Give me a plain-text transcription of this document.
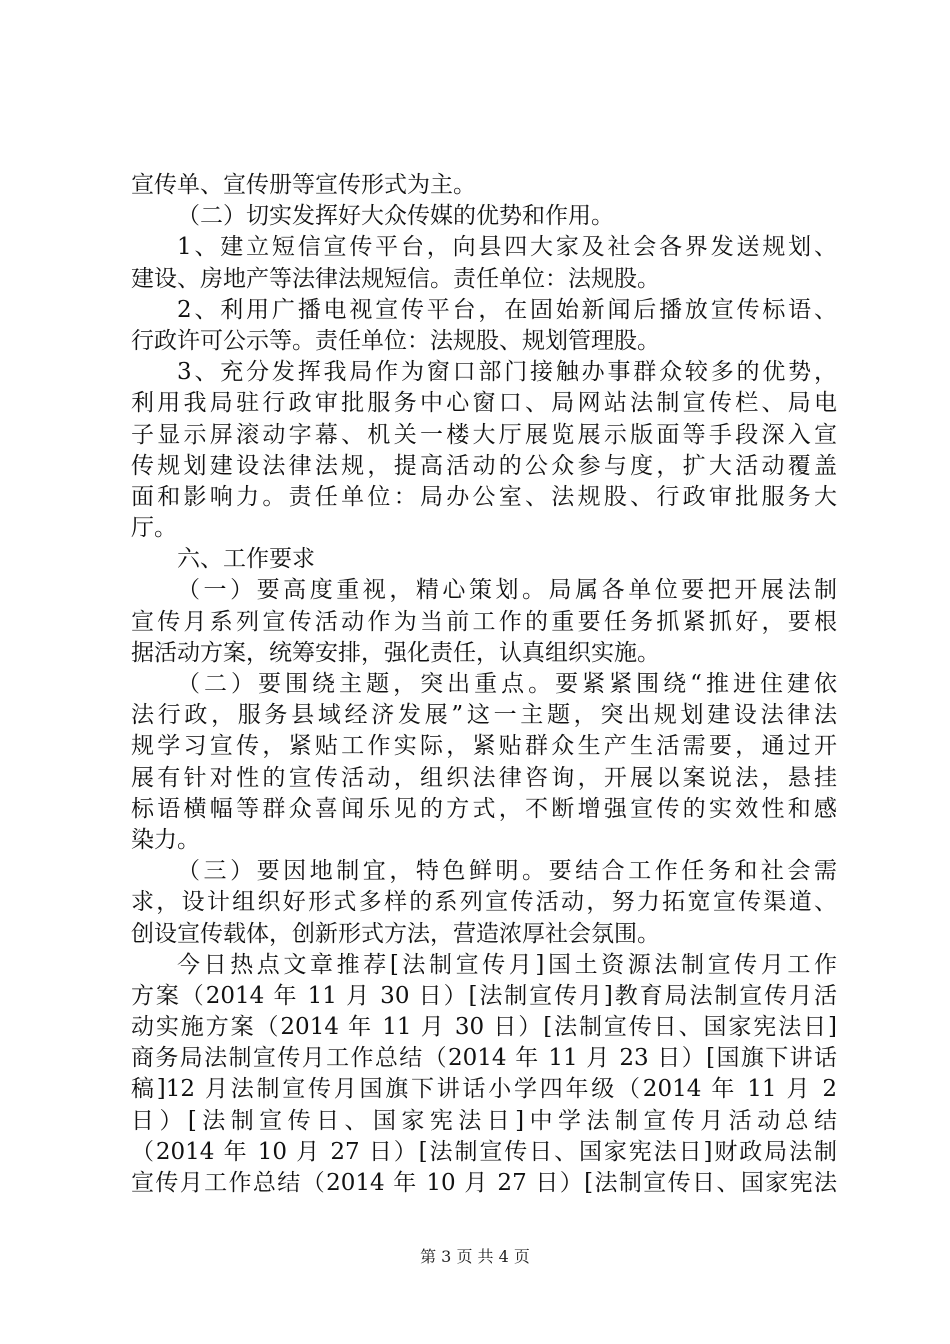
宣传单、宣传册等宣传形式为主。
（二）切实发挥好大众传媒的优势和作用。
1、建立短信宣传平台，向县四大家及社会各界发送规划、
建设、房地产等法律法规短信。责任单位：法规股。
2、利用广播电视宣传平台，在固始新闻后播放宣传标语、
行政许可公示等。责任单位：法规股、规划管理股。
3、充分发挥我局作为窗口部门接触办事群众较多的优势，
利用我局驻行政审批服务中心窗口、局网站法制宣传栏、局电
子显示屏滚动字幕、机关一楼大厅展览展示版面等手段深入宣
传规划建设法律法规，提高活动的公众参与度，扩大活动覆盖
面和影响力。责任单位：局办公室、法规股、行政审批服务大
厅。
六、工作要求
（一）要高度重视，精心策划。局属各单位要把开展法制
宣传月系列宣传活动作为当前工作的重要任务抓紧抓好，要根
据活动方案，统筹安排，强化责任，认真组织实施。
（二）要围绕主题，突出重点。要紧紧围绕“推进住建依
法行政，服务县域经济发展”这一主题，突出规划建设法律法
规学习宣传，紧贴工作实际，紧贴群众生产生活需要，通过开
展有针对性的宣传活动，组织法律咨询，开展以案说法，悬挂
标语横幅等群众喜闻乐见的方式，不断增强宣传的实效性和感
染力。
（三）要因地制宜，特色鲜明。要结合工作任务和社会需
求，设计组织好形式多样的系列宣传活动，努力拓宽宣传渠道、
创设宣传载体，创新形式方法，营造浓厚社会氛围。
今日热点文章推荐[法制宣传月]国土资源法制宣传月工作
方案（2014 年 11 月 30 日）[法制宣传月]教育局法制宣传月活
动实施方案（2014 年 11 月 30 日）[法制宣传日、国家宪法日]
商务局法制宣传月工作总结（2014 年 11 月 23 日）[国旗下讲话
稿]12 月法制宣传月国旗下讲话小学四年级（2014 年 11 月 2
日）[法制宣传日、国家宪法日]中学法制宣传月活动总结
（2014 年 10 月 27 日）[法制宣传日、国家宪法日]财政局法制
宣传月工作总结（2014 年 10 月 27 日）[法制宣传日、国家宪法
第 3 页 共 4 页
